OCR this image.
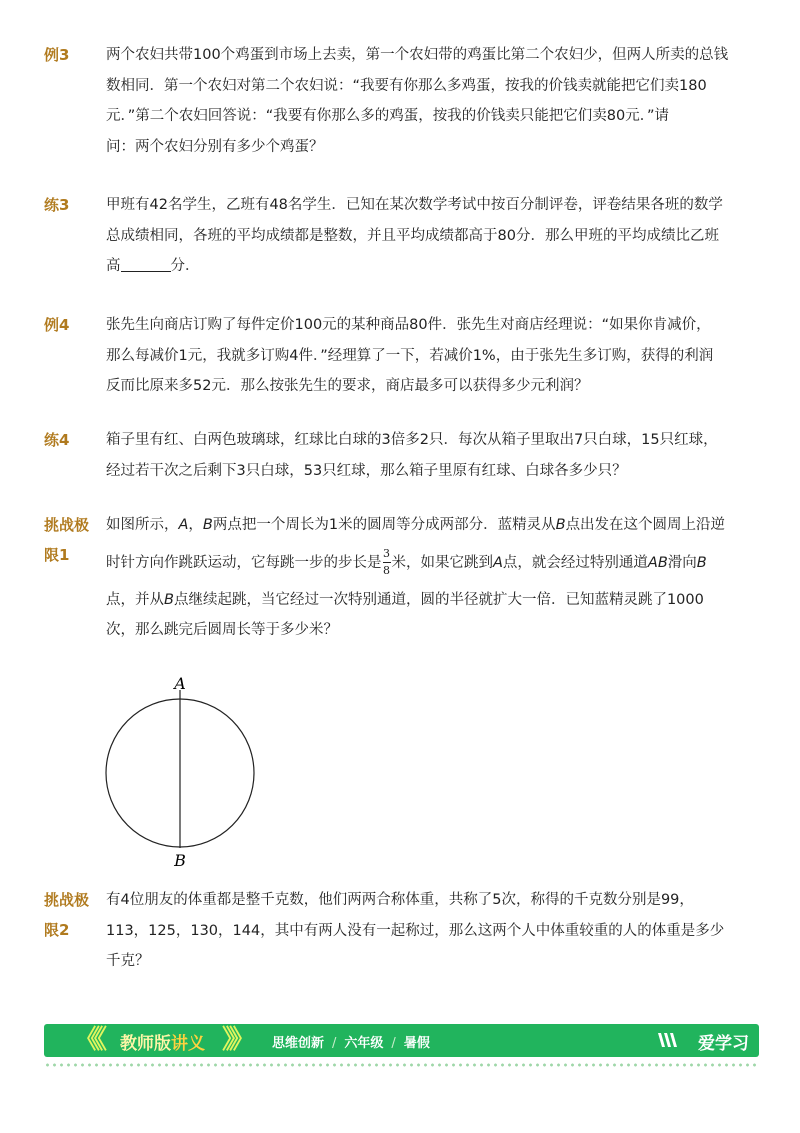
例3	两个农妇共带100个鸡蛋到市场上去卖，第一个农妇带的鸡蛋比第二个农妇少，但两人所卖的总钱

数相同．第一个农妇对第二个农妇说：“我要有你那么多鸡蛋，按我的价钱卖就能把它们卖180

元．”第二个农妇回答说：“我要有你那么多的鸡蛋，按我的价钱卖只能把它们卖80元．”请

问：两个农妇分别有多少个鸡蛋？

练3	甲班有42名学生，乙班有48名学生．已知在某次数学考试中按百分制评卷，评卷结果各班的数学

总成绩相同，各班的平均成绩都是整数，并且平均成绩都高于80分．那么甲班的平均成绩比乙班

高	分．

例4	张先生向商店订购了每件定价100元的某种商品80件．张先生对商店经理说：“如果你肯减价，

那么每减价1元，我就多订购4件．”经理算了一下，若减价1%，由于张先生多订购，获得的利润

反而比原来多52元．那么按张先生的要求，商店最多可以获得多少元利润？

练4	箱子里有红、白两色玻璃球，红球比白球的3倍多2只．每次从箱子里取出7只白球，15只红球，

经过若干次之后剩下3只白球，53只红球，那么箱子里原有红球、白球各多少只？

挑战极
限1

如图所示，A，B两点把一个周长为1米的圆周等分成两部分．蓝精灵从B点出发在这个圆周上沿逆

时针方向作跳跃运动，它每跳一步的步长是 $\frac{3}{8}$ 米，如果它跳到A点，就会经过特别通道AB滑向B

点，并从B点继续起跳，当它经过一次特别通道，圆的半径就扩大一倍．已知蓝精灵跳了1000

次，那么跳完后圆周长等于多少米？

A
B
挑战极
限2

有4位朋友的体重都是整千克数，他们两两合称体重，共称了5次，称得的千克数分别是99，

113，125，130，144，其中有两人没有一起称过，那么这两个人中体重较重的人的体重是多少

千克？

《《 教师版讲义 》》 思维创新 / 六年级 / 暑假	爱学习
